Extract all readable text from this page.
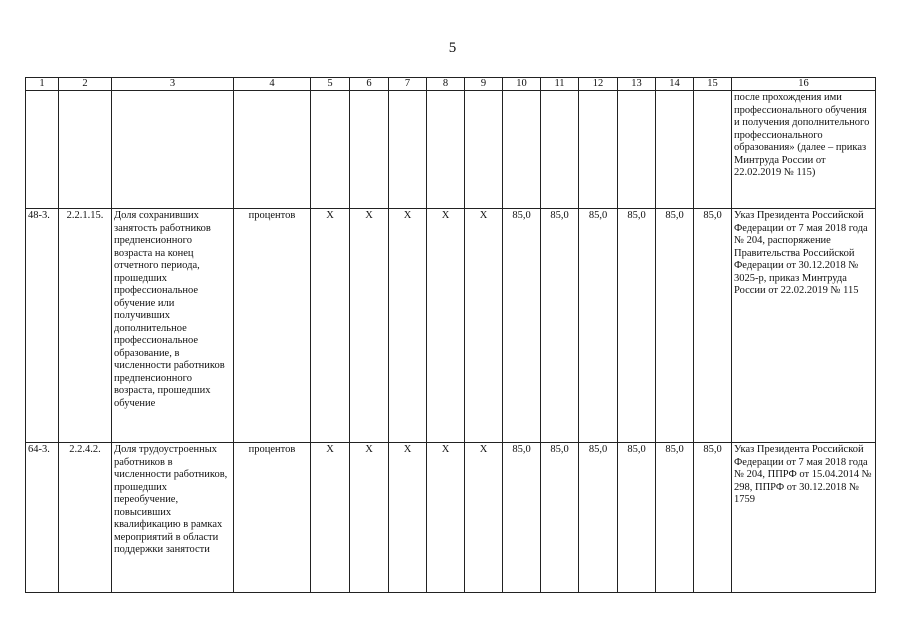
5
1	2	3	4	5	6	7	8	9	10	11	12	13	14	15	16
															после прохождения ими профессионального обучения и получения дополнительного профессионального образования» (далее – приказ Минтруда России от 22.02.2019 № 115)
48-3.	2.2.1.15.	Доля сохранивших занятость работников предпенсионного возраста на конец отчетного периода, прошедших профессиональное обучение или получивших дополнительное профессиональное образование, в численности работников предпенсионного возраста, прошедших обучение	процентов	Х	Х	Х	Х	Х	85,0	85,0	85,0	85,0	85,0	85,0	Указ Президента Российской Федерации от 7 мая 2018 года № 204, распоряжение Правительства Российской Федерации от 30.12.2018 № 3025-р, приказ Минтруда России от 22.02.2019 № 115
64-3.	2.2.4.2.	Доля трудоустроенных работников в численности работников, прошедших переобучение, повысивших квалификацию в рамках мероприятий в области поддержки занятости	процентов	Х	Х	Х	Х	Х	85,0	85,0	85,0	85,0	85,0	85,0	Указ Президента Российской Федерации от 7 мая 2018 года № 204, ППРФ от 15.04.2014 № 298, ППРФ от 30.12.2018 № 1759
